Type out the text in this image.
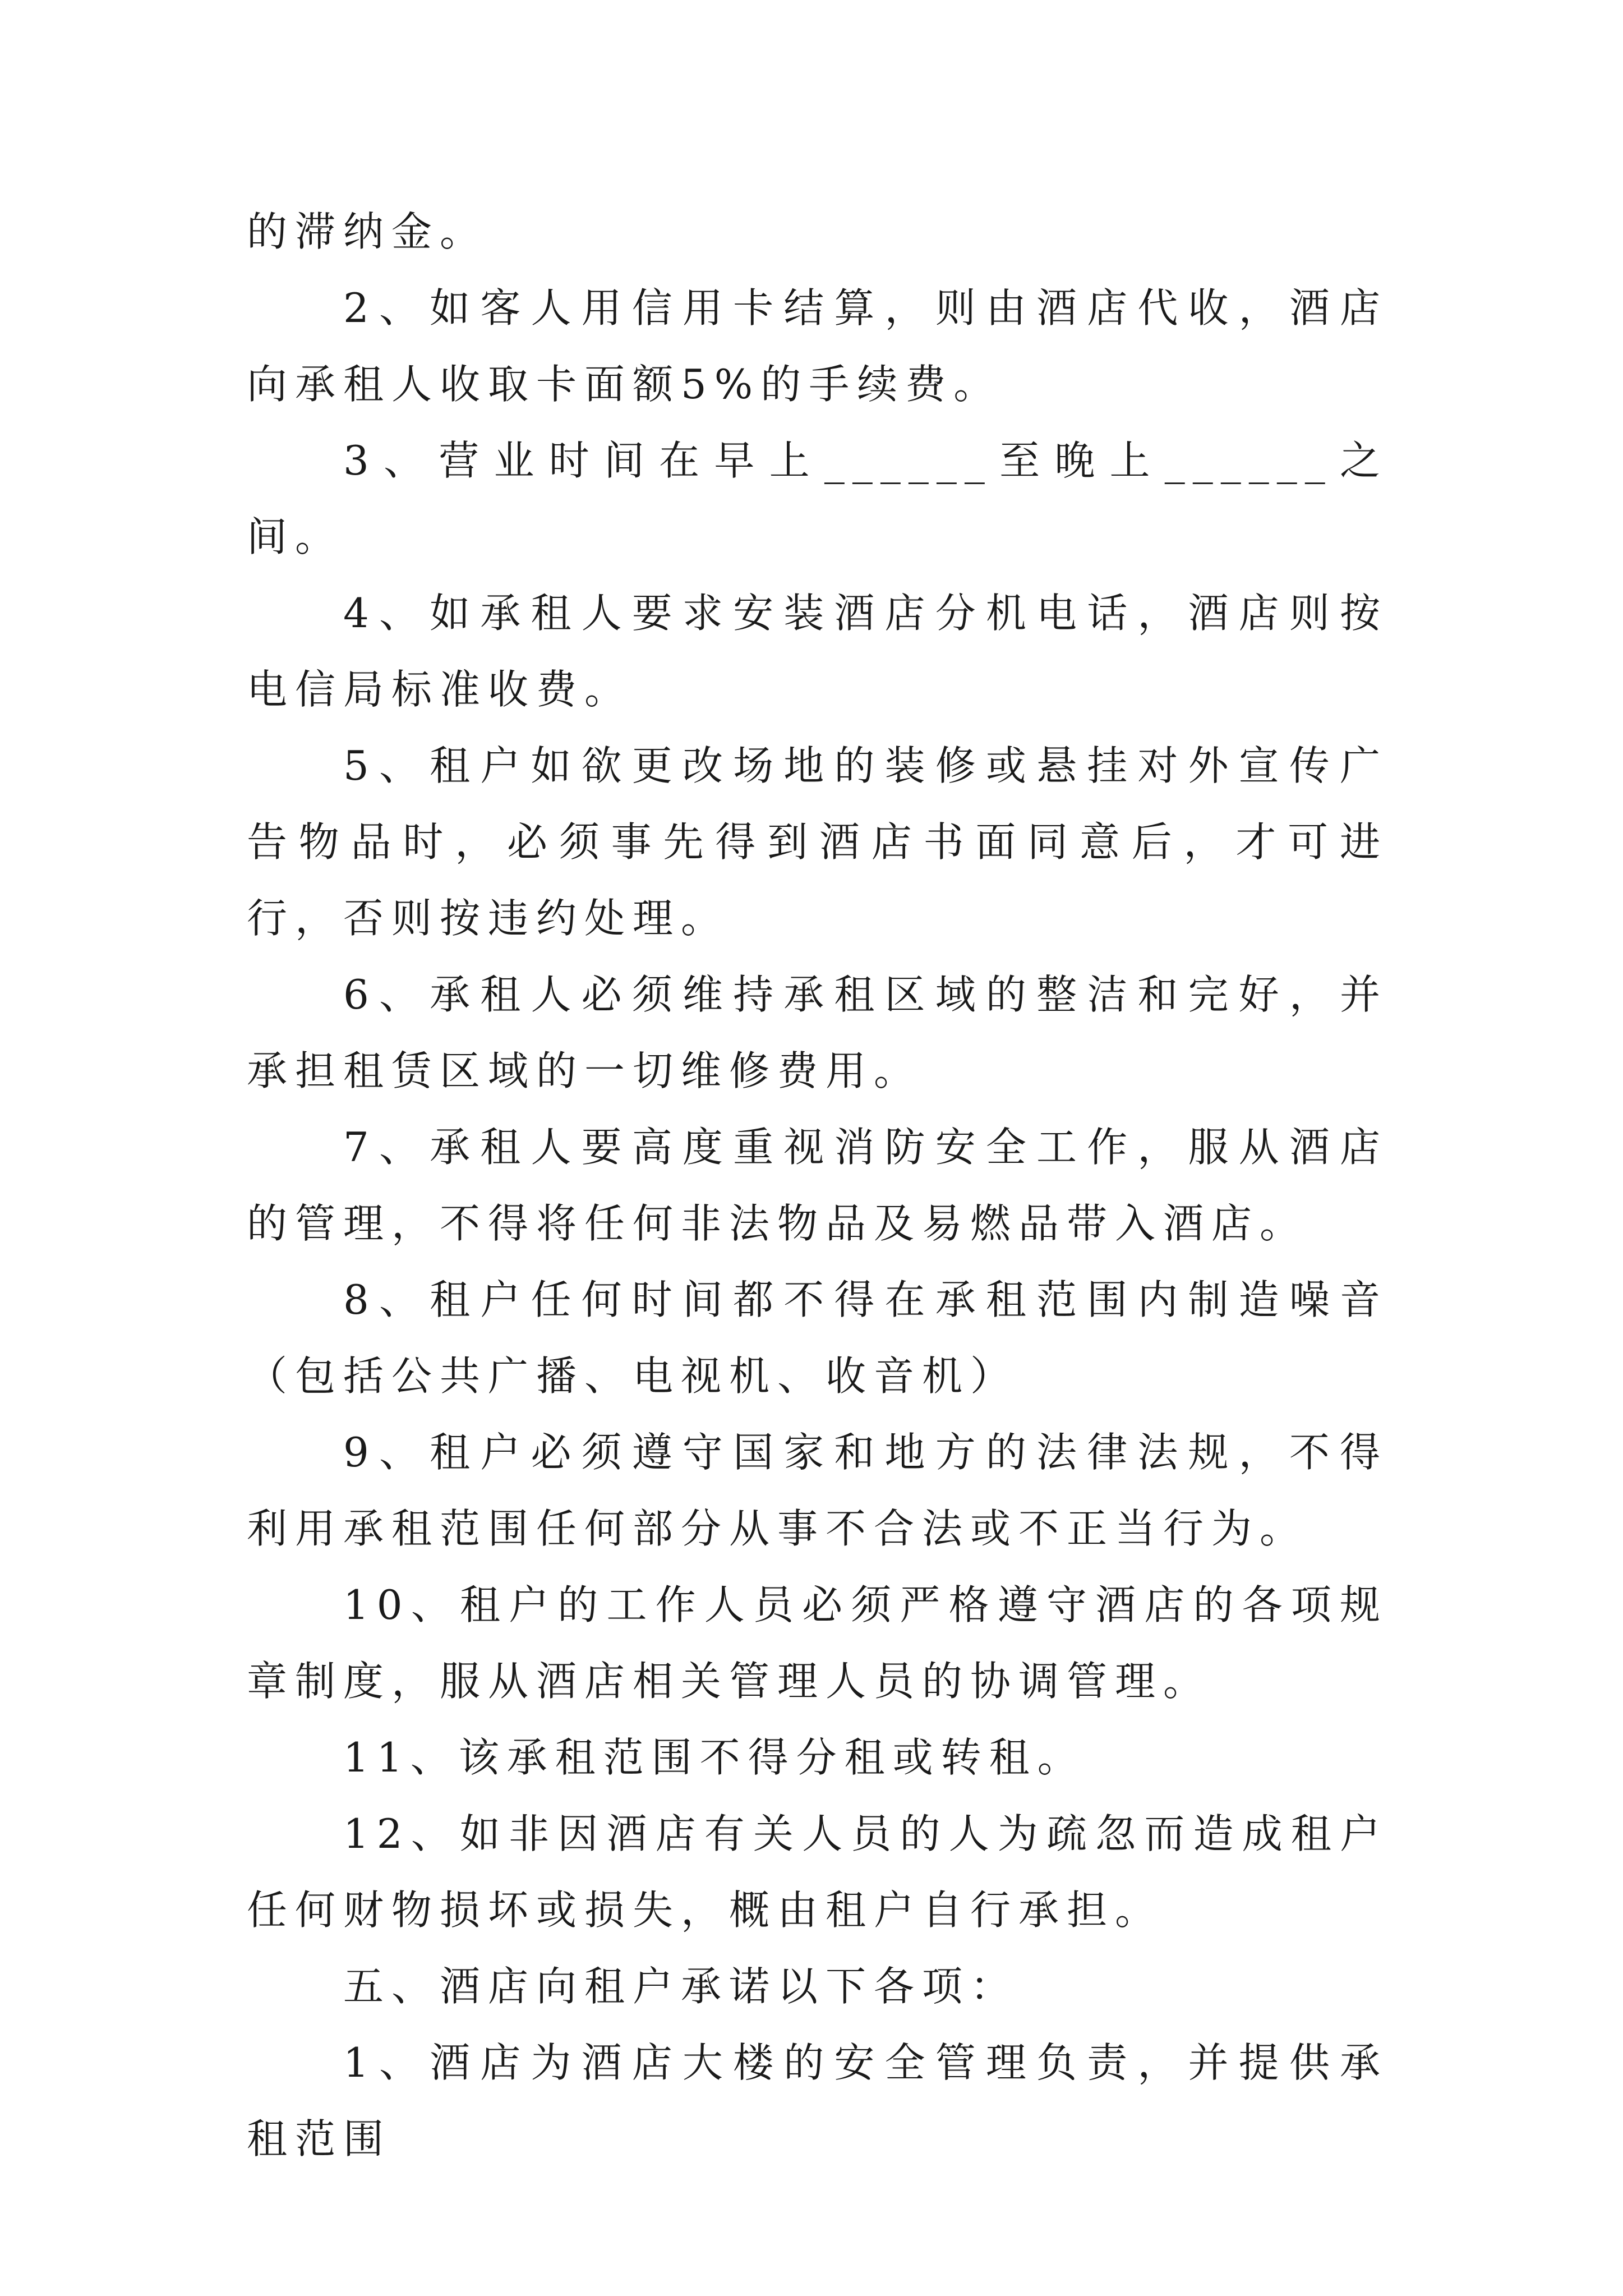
的滞纳金。

2、如客人用信用卡结算，则由酒店代收，酒店向承租人收取卡面额5%的手续费。

3、营业时间在早上______至晚上______之间。

4、如承租人要求安装酒店分机电话，酒店则按电信局标准收费。

5、租户如欲更改场地的装修或悬挂对外宣传广告物品时，必须事先得到酒店书面同意后，才可进行，否则按违约处理。

6、承租人必须维持承租区域的整洁和完好，并承担租赁区域的一切维修费用。

7、承租人要高度重视消防安全工作，服从酒店的管理，不得将任何非法物品及易燃品带入酒店。

8、租户任何时间都不得在承租范围内制造噪音（包括公共广播、电视机、收音机）

9、租户必须遵守国家和地方的法律法规，不得利用承租范围任何部分从事不合法或不正当行为。

10、租户的工作人员必须严格遵守酒店的各项规章制度，服从酒店相关管理人员的协调管理。

11、该承租范围不得分租或转租。

12、如非因酒店有关人员的人为疏忽而造成租户任何财物损坏或损失，概由租户自行承担。

五、酒店向租户承诺以下各项：

1、酒店为酒店大楼的安全管理负责，并提供承租范围
